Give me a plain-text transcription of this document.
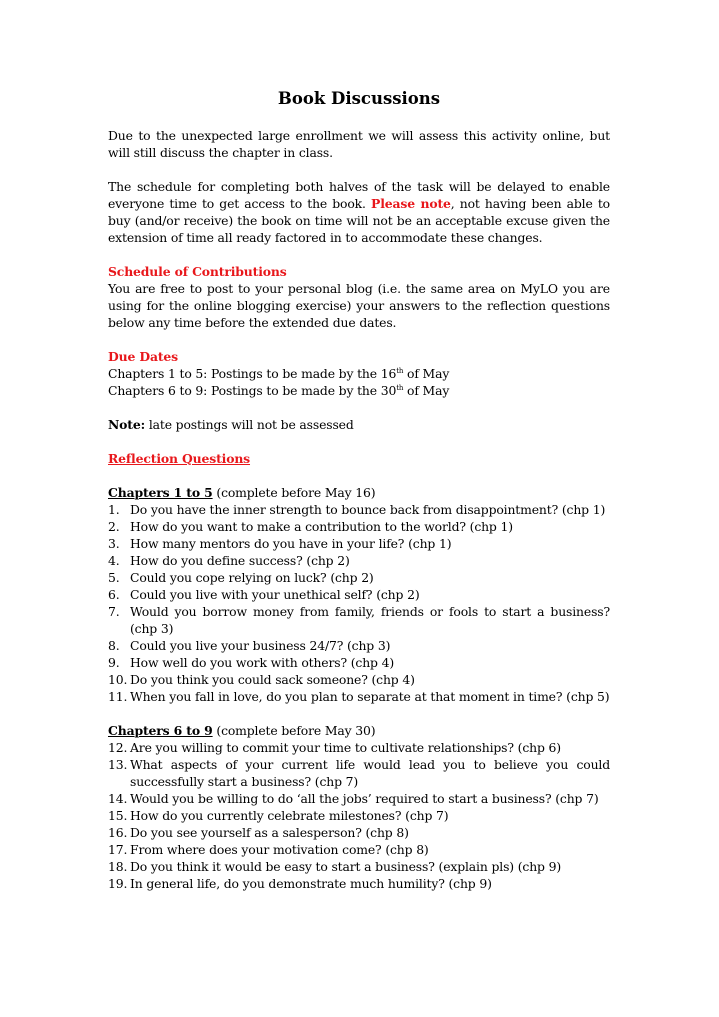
Book Discussions

Due to the unexpected large enrollment we will assess this activity online, but will still discuss the chapter in class.

The schedule for completing both halves of the task will be delayed to enable everyone time to get access to the book. Please note, not having been able to buy (and/or receive) the book on time will not be an acceptable excuse given the extension of time all ready factored in to accommodate these changes.

Schedule of Contributions

You are free to post to your personal blog (i.e. the same area on MyLO you are using for the online blogging exercise) your answers to the reflection questions below any time before the extended due dates.

Due Dates

Chapters 1 to 5: Postings to be made by the 16th of May

Chapters 6 to 9: Postings to be made by the 30th of May

Note: late postings will not be assessed

Reflection Questions

Chapters 1 to 5 (complete before May 16)

1. Do you have the inner strength to bounce back from disappointment? (chp 1)
2. How do you want to make a contribution to the world? (chp 1)
3. How many mentors do you have in your life? (chp 1)
4. How do you define success? (chp 2)
5. Could you cope relying on luck? (chp 2)
6. Could you live with your unethical self? (chp 2)
7. Would you borrow money from family, friends or fools to start a business? (chp 3)
8. Could you live your business 24/7? (chp 3)
9. How well do you work with others? (chp 4)
10. Do you think you could sack someone? (chp 4)
11. When you fall in love, do you plan to separate at that moment in time? (chp 5)

Chapters 6 to 9 (complete before May 30)

12. Are you willing to commit your time to cultivate relationships? (chp 6)
13. What aspects of your current life would lead you to believe you could successfully start a business? (chp 7)
14. Would you be willing to do ‘all the jobs’ required to start a business? (chp 7)
15. How do you currently celebrate milestones? (chp 7)
16. Do you see yourself as a salesperson? (chp 8)
17. From where does your motivation come? (chp 8)
18. Do you think it would be easy to start a business? (explain pls) (chp 9)
19. In general life, do you demonstrate much humility? (chp 9)
